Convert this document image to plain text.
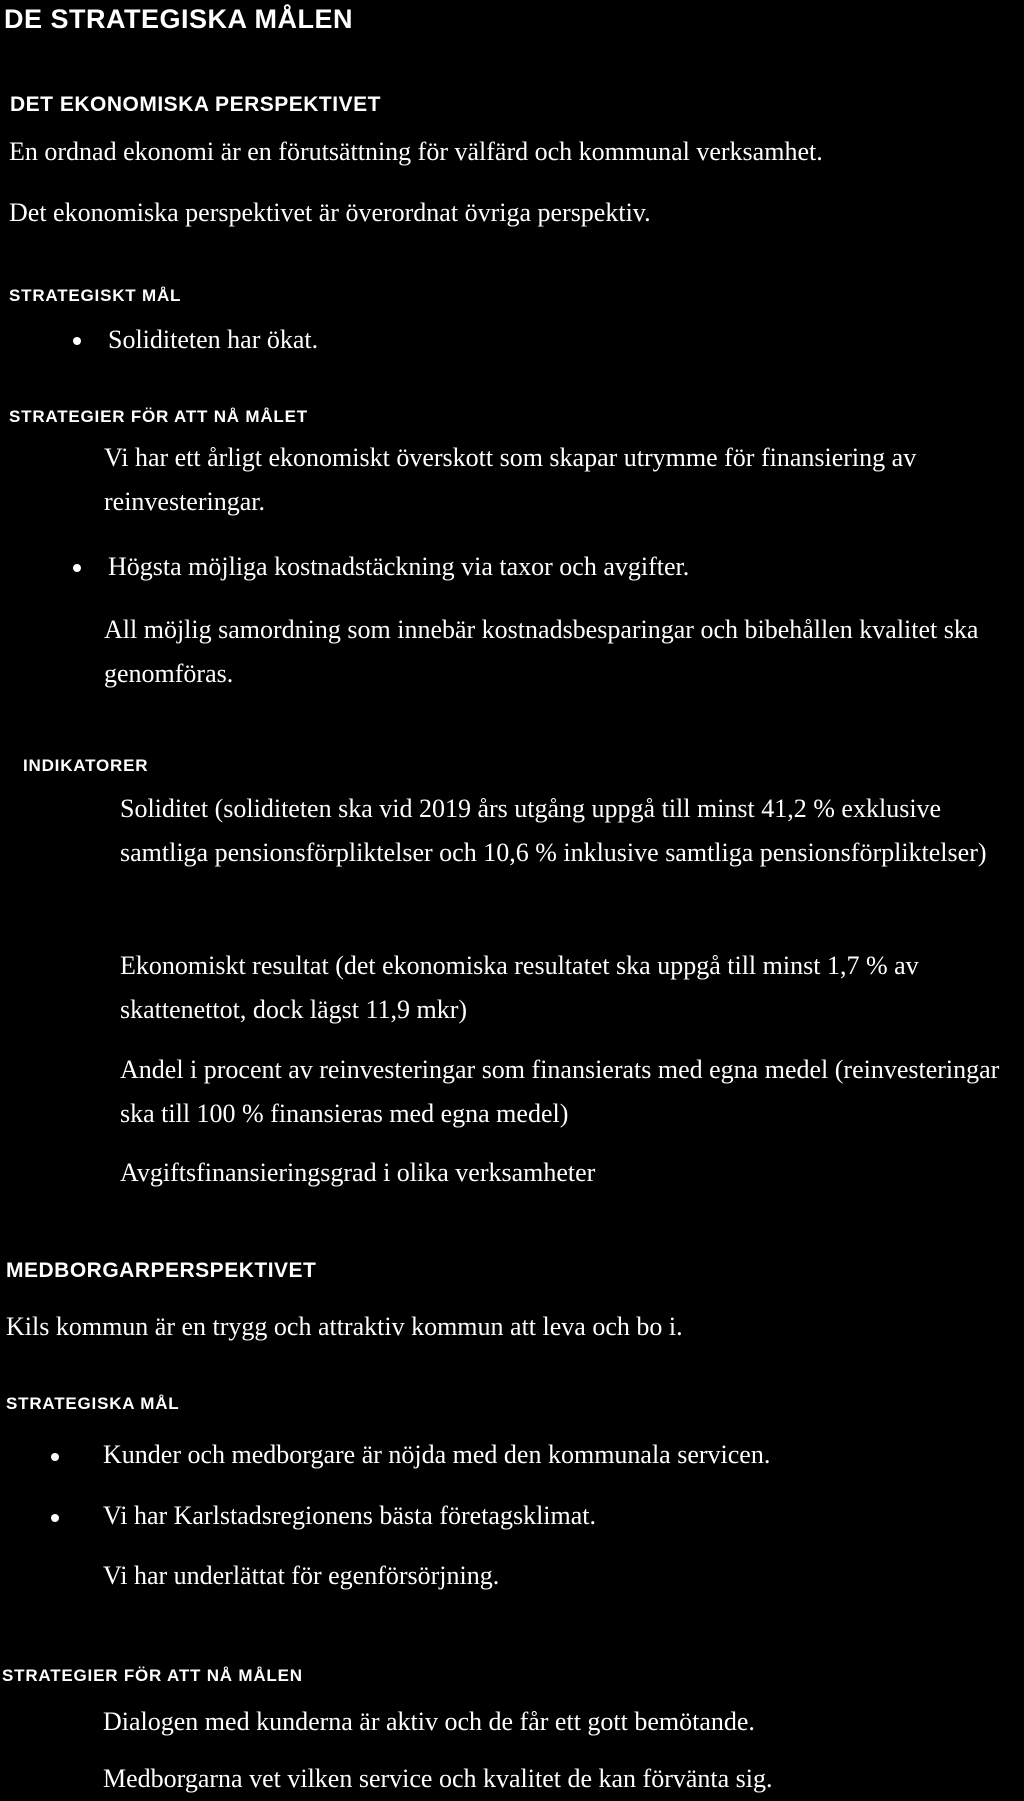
DE STRATEGISKA MÅLEN
DET EKONOMISKA PERSPEKTIVET

En ordnad ekonomi är en förutsättning för välfärd och kommunal verksamhet.

Det ekonomiska perspektivet är överordnat övriga perspektiv.

STRATEGISKT MÅL

Soliditeten har ökat.

STRATEGIER FÖR ATT NÅ MÅLET

Vi har ett årligt ekonomiskt överskott som skapar utrymme för finansiering av reinvesteringar.

Högsta möjliga kostnadstäckning via taxor och avgifter.

All möjlig samordning som innebär kostnadsbesparingar och bibehållen kvalitet ska genomföras.

INDIKATORER

Soliditet (soliditeten ska vid 2019 års utgång uppgå till minst 41,2 % exklusive samtliga pensionsförpliktelser och 10,6 % inklusive samtliga pensionsförpliktelser)

Ekonomiskt resultat (det ekonomiska resultatet ska uppgå till minst 1,7 % av skattenettot, dock lägst 11,9 mkr)

Andel i procent av reinvesteringar som finansierats med egna medel (reinvesteringar ska till 100 % finansieras med egna medel)

Avgiftsfinansieringsgrad i olika verksamheter

MEDBORGARPERSPEKTIVET

Kils kommun är en trygg och attraktiv kommun att leva och bo i.

STRATEGISKA MÅL

Kunder och medborgare är nöjda med den kommunala servicen.

Vi har Karlstadsregionens bästa företagsklimat.

Vi har underlättat för egenförsörjning.

STRATEGIER FÖR ATT NÅ MÅLEN

Dialogen med kunderna är aktiv och de får ett gott bemötande.

Medborgarna vet vilken service och kvalitet de kan förvänta sig.
